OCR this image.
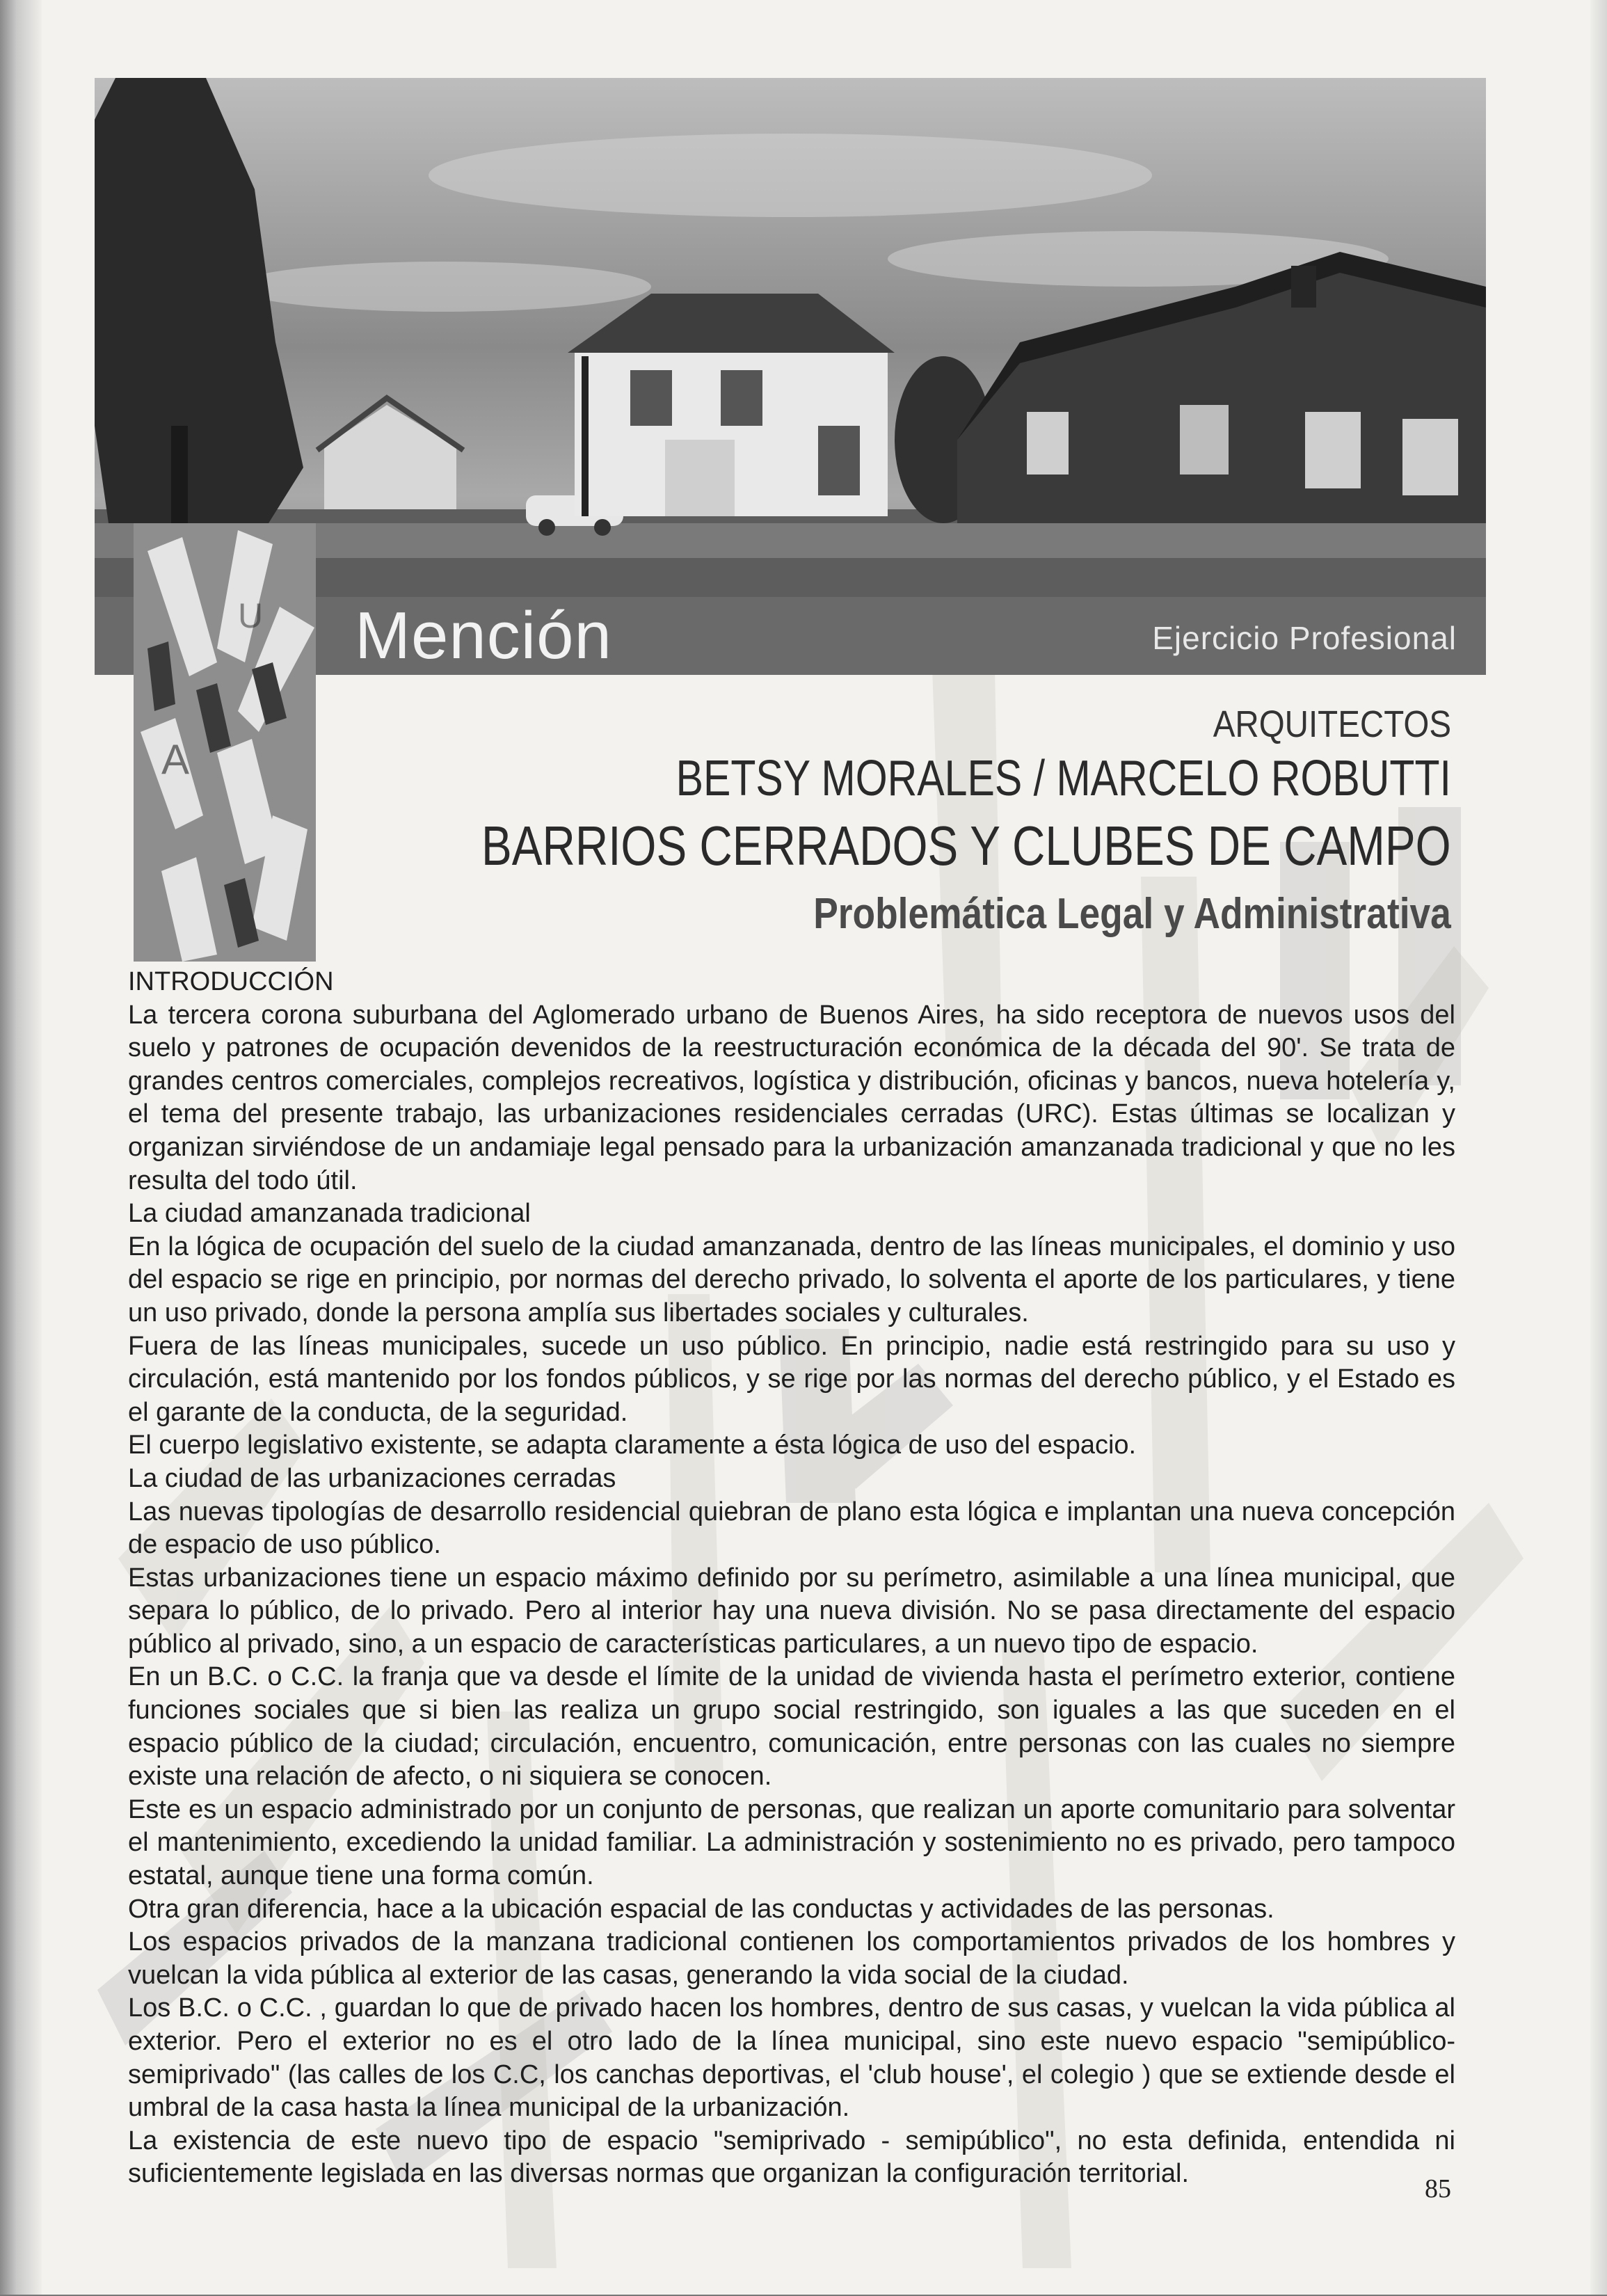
A
U Mención	Ejercicio Profesional
ARQUITECTOS
BETSY MORALES / MARCELO ROBUTTI
BARRIOS CERRADOS Y CLUBES DE CAMPO
Problemática Legal y Administrativa

INTRODUCCIÓN

La tercera corona suburbana del Aglomerado urbano de Buenos Aires, ha sido receptora de nuevos usos del suelo y patrones de ocupación devenidos de la reestructuración económica de la década del 90'. Se trata de grandes centros comerciales, complejos recreativos, logística y distribución, oficinas y bancos, nueva hotelería y, el tema del presente trabajo, las urbanizaciones residenciales cerradas (URC). Estas últimas se localizan y organizan sirviéndose de un andamiaje legal pensado para la urbanización amanzanada tradicional y que no les resulta del todo útil.

La ciudad amanzanada tradicional

En la lógica de ocupación del suelo de la ciudad amanzanada, dentro de las líneas municipales, el dominio y uso del espacio se rige en principio, por normas del derecho privado, lo solventa el aporte de los particulares, y tiene un uso privado, donde la persona amplía sus libertades sociales y culturales.

Fuera de las líneas municipales, sucede un uso público. En principio, nadie está restringido para su uso y circulación, está mantenido por los fondos públicos, y se rige por las normas del derecho público, y el Estado es el garante de la conducta, de la seguridad.

El cuerpo legislativo existente, se adapta claramente a ésta lógica de uso del espacio.

La ciudad de las urbanizaciones cerradas

Las nuevas tipologías de desarrollo residencial quiebran de plano esta lógica e implantan una nueva concepción de espacio de uso público.

Estas urbanizaciones tiene un espacio máximo definido por su perímetro, asimilable a una línea municipal, que separa lo público, de lo privado. Pero al interior hay una nueva división. No se pasa directamente del espacio público al privado, sino, a un espacio de características particulares, a un nuevo tipo de espacio.

En un B.C. o C.C. la franja que va desde el límite de la unidad de vivienda hasta el perímetro exterior, contiene funciones sociales que si bien las realiza un grupo social restringido, son iguales a las que suceden en el espacio público de la ciudad; circulación, encuentro, comunicación, entre personas con las cuales no siempre existe una relación de afecto, o ni siquiera se conocen.

Este es un espacio administrado por un conjunto de personas, que realizan un aporte comunitario para solventar el mantenimiento, excediendo la unidad familiar. La administración y sostenimiento no es privado, pero tampoco estatal, aunque tiene una forma común.

Otra gran diferencia, hace a la ubicación espacial de las conductas y actividades de las personas.

Los espacios privados de la manzana tradicional contienen los comportamientos privados de los hombres y vuelcan la vida pública al exterior de las casas, generando la vida social de la ciudad.

Los B.C. o C.C. , guardan lo que de privado hacen los hombres, dentro de sus casas, y vuelcan la vida pública al exterior. Pero el exterior no es el otro lado de la línea municipal, sino este nuevo espacio "semipúblico-semiprivado" (las calles de los C.C, los canchas deportivas, el 'club house', el colegio ) que se extiende desde el umbral de la casa hasta la línea municipal de la urbanización.

La existencia de este nuevo tipo de espacio "semiprivado - semipúblico", no esta definida, entendida ni suficientemente legislada en las diversas normas que organizan la configuración territorial.

85
